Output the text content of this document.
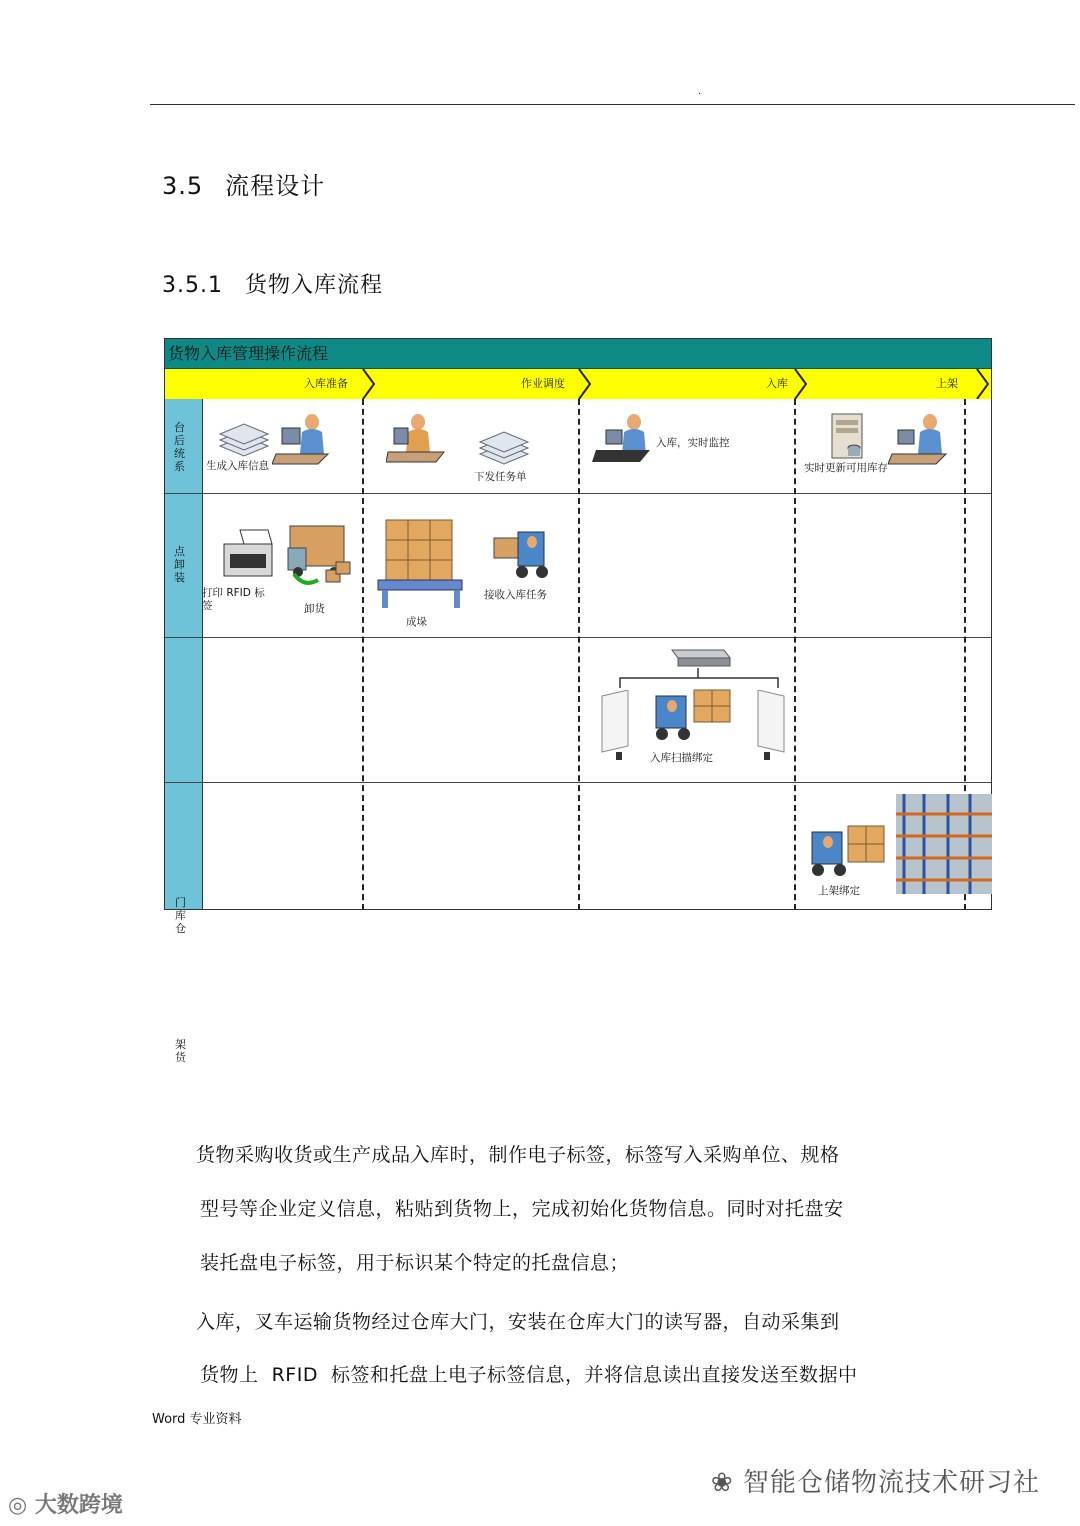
.
3.5 流程设计
3.5.1 货物入库流程
货物入库管理操作流程
入库准备	作业调度	入库	上架
台后统系
点卸装
生成入库信息
下发任务单
入库，实时监控
实时更新可用库存
打印 RFID 标签	卸货
成垛
接收入库任务
入库扫描绑定
上架绑定
门库仓
架货
货物采购收货或生产成品入库时，制作电子标签，标签写入采购单位、规格
型号等企业定义信息，粘贴到货物上，完成初始化货物信息。同时对托盘安
装托盘电子标签，用于标识某个特定的托盘信息；
入库，叉车运输货物经过仓库大门，安装在仓库大门的读写器，自动采集到
货物上  RFID  标签和托盘上电子标签信息，并将信息读出直接发送至数据中
Word 专业资料
❀ 智能仓储物流技术研习社
◎ 大数跨境
